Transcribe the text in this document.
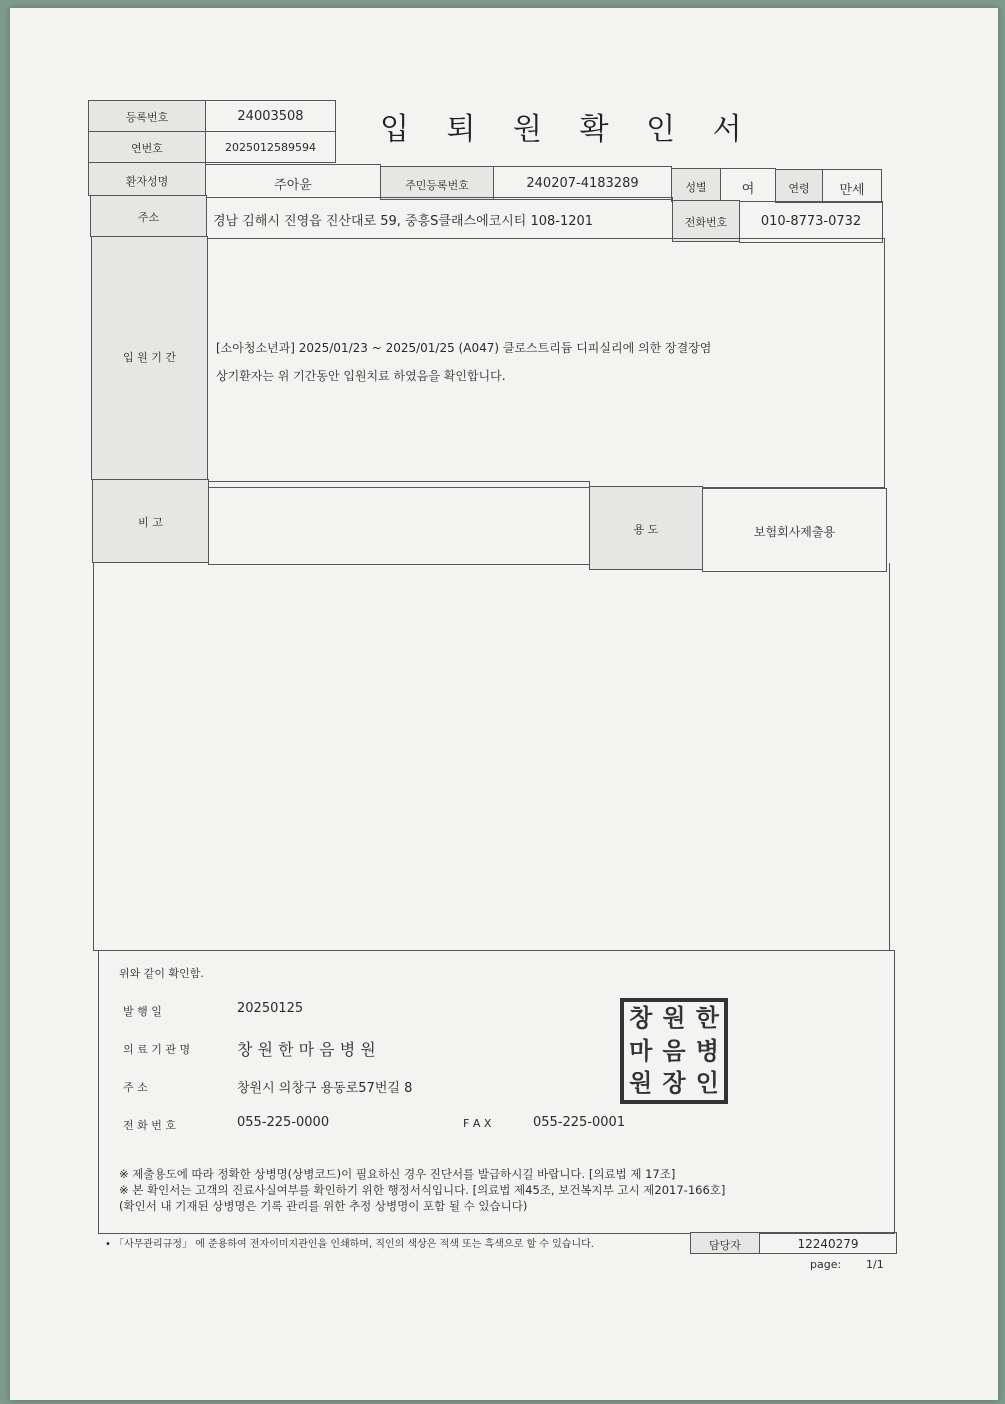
등록번호	24003508
연번호	2025012589594
입 퇴 원 확 인 서
환자성명	주아윤	주민등록번호	240207-4183289	성별	여	연령	만세
주소	경남 김해시 진영읍 진산대로 59, 중흥S클래스에코시티 108-1201	전화번호	010-8773-0732
입 원 기 간
[소아청소년과] 2025/01/23 ~ 2025/01/25 (A047) 클로스트리듐 디피실리에 의한 장결장염
상기환자는 위 기간동안 입원치료 하였음을 확인합니다.
비 고
용 도	보험회사제출용
위와 같이 확인함.
발 행 일	20250125
의 료 기 관 명	창 원 한 마 음 병 원
주 소	창원시 의창구 용동로57번길 8
전 화 번 호	055-225-0000	F A X	055-225-0001
※ 제출용도에 따라 정확한 상병명(상병코드)이 필요하신 경우 진단서를 발급하시길 바랍니다. [의료법 제 17조]
※ 본 확인서는 고객의 진료사실여부를 확인하기 위한 행정서식입니다. [의료법 제45조, 보건복지부 고시 제2017-166호]
(확인서 내 기재된 상병명은 기록 관리를 위한 추정 상병명이 포함 될 수 있습니다)
창 원 한
마 음 병
원 장 인
• 「사무관리규정」 에 준용하여 전자이미지관인을 인쇄하며, 직인의 색상은 적색 또는 흑색으로 할 수 있습니다.	담당자	12240279
page: 1/1
